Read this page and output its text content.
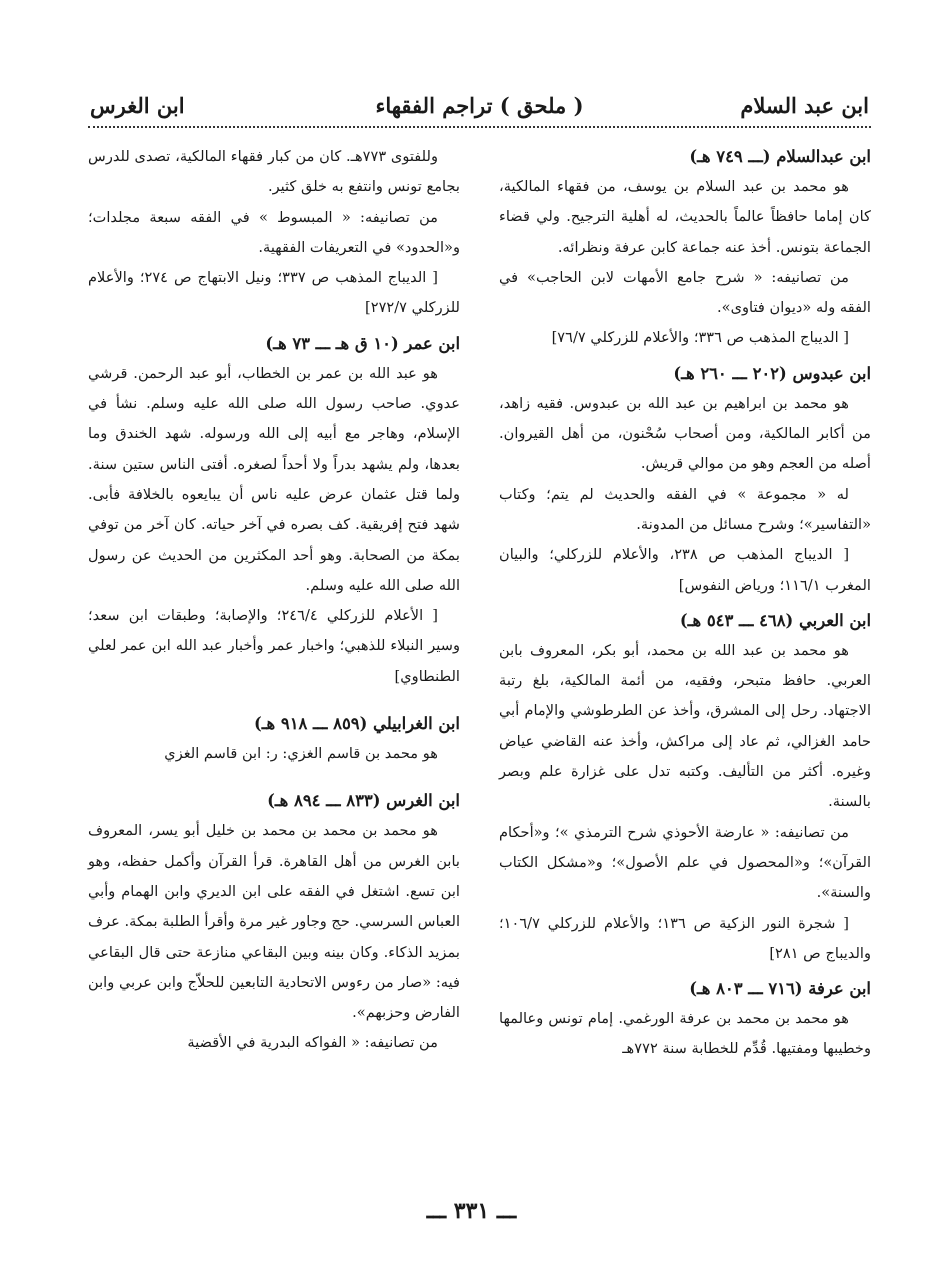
ابن عبد السلام
( ملحق ) تراجم الفقهاء
ابن الغرس
ابن عبدالسلام (ـــ ٧٤٩ هـ)

هو محمد بن عبد السلام بن يوسف، من فقهاء المالكية، كان إماما حافظاً عالماً بالحديث، له أهلية الترجيح. ولي قضاء الجماعة بتونس. أخذ عنه جماعة كابن عرفة ونظرائه.

من تصانيفه: « شرح جامع الأمهات لابن الحاجب» في الفقه وله «ديوان فتاوى».

[ الديباج المذهب ص ٣٣٦؛ والأعلام للزركلي ٧٦/٧]

ابن عبدوس (٢٠٢ ـــ ٢٦٠ هـ)

هو محمد بن ابراهيم بن عبد الله بن عبدوس. فقيه زاهد، من أكابر المالكية، ومن أصحاب سُحْنون، من أهل القيروان. أصله من العجم وهو من موالي قريش.

له « مجموعة » في الفقه والحديث لم يتم؛ وكتاب «التفاسير»؛ وشرح مسائل من المدونة.

[ الديباج المذهب ص ٢٣٨، والأعلام للزركلي؛ والبيان المغرب ١١٦/١؛ ورياض النفوس]

ابن العربي (٤٦٨ ـــ ٥٤٣ هـ)

هو محمد بن عبد الله بن محمد، أبو بكر، المعروف بابن العربي. حافظ متبحر، وفقيه، من أئمة المالكية، بلغ رتبة الاجتهاد. رحل إلى المشرق، وأخذ عن الطرطوشي والإمام أبي حامد الغزالي، ثم عاد إلى مراكش، وأخذ عنه القاضي عياض وغيره. أكثر من التأليف. وكتبه تدل على غزارة علم وبصر بالسنة.

من تصانيفه: « عارضة الأحوذي شرح الترمذي »؛ و«أحكام القرآن»؛ و«المحصول في علم الأصول»؛ و«مشكل الكتاب والسنة».

[ شجرة النور الزكية ص ١٣٦؛ والأعلام للزركلي ١٠٦/٧؛ والديباج ص ٢٨١]

ابن عرفة (٧١٦ ـــ ٨٠٣ هـ)

هو محمد بن محمد بن عرفة الورغمي. إمام تونس وعالمها وخطيبها ومفتيها. قُدِّم للخطابة سنة ٧٧٢هـ

وللفتوى ٧٧٣هـ. كان من كبار فقهاء المالكية، تصدى للدرس بجامع تونس وانتفع به خلق كثير.

من تصانيفه: « المبسوط » في الفقه سبعة مجلدات؛ و«الحدود» في التعريفات الفقهية.

[ الديباج المذهب ص ٣٣٧؛ ونيل الابتهاج ص ٢٧٤؛ والأعلام للزركلي ٢٧٢/٧]

ابن عمر (١٠ ق هـ ـــ ٧٣ هـ)

هو عبد الله بن عمر بن الخطاب، أبو عبد الرحمن. قرشي عدوي. صاحب رسول الله صلى الله عليه وسلم. نشأ في الإسلام، وهاجر مع أبيه إلى الله ورسوله. شهد الخندق وما بعدها، ولم يشهد بدراً ولا أحداً لصغره. أفتى الناس ستين سنة. ولما قتل عثمان عرض عليه ناس أن يبايعوه بالخلافة فأبى. شهد فتح إفريقية. كف بصره في آخر حياته. كان آخر من توفي بمكة من الصحابة. وهو أحد المكثرين من الحديث عن رسول الله صلى الله عليه وسلم.

[ الأعلام للزركلي ٢٤٦/٤؛ والإصابة؛ وطبقات ابن سعد؛ وسير النبلاء للذهبي؛ واخبار عمر وأخبار عبد الله ابن عمر لعلي الطنطاوي]

ابن الغرابيلي (٨٥٩ ـــ ٩١٨ هـ)

هو محمد بن قاسم الغزي: ر: ابن قاسم الغزي

ابن الغرس (٨٣٣ ـــ ٨٩٤ هـ)

هو محمد بن محمد بن محمد بن خليل أبو يسر، المعروف بابن الغرس من أهل القاهرة. قرأ القرآن وأكمل حفظه، وهو ابن تسع. اشتغل في الفقه على ابن الديري وابن الهمام وأبي العباس السرسي. حج وجاور غير مرة وأقرأ الطلبة بمكة. عرف بمزيد الذكاء. وكان بينه وبين البقاعي منازعة حتى قال البقاعي فيه: «صار من رءوس الاتحادية التابعين للحلاّج وابن عربي وابن الفارض وحزبهم».

من تصانيفه: « الفواكه البدرية في الأقضية

ـــ ٣٣١ ـــ
